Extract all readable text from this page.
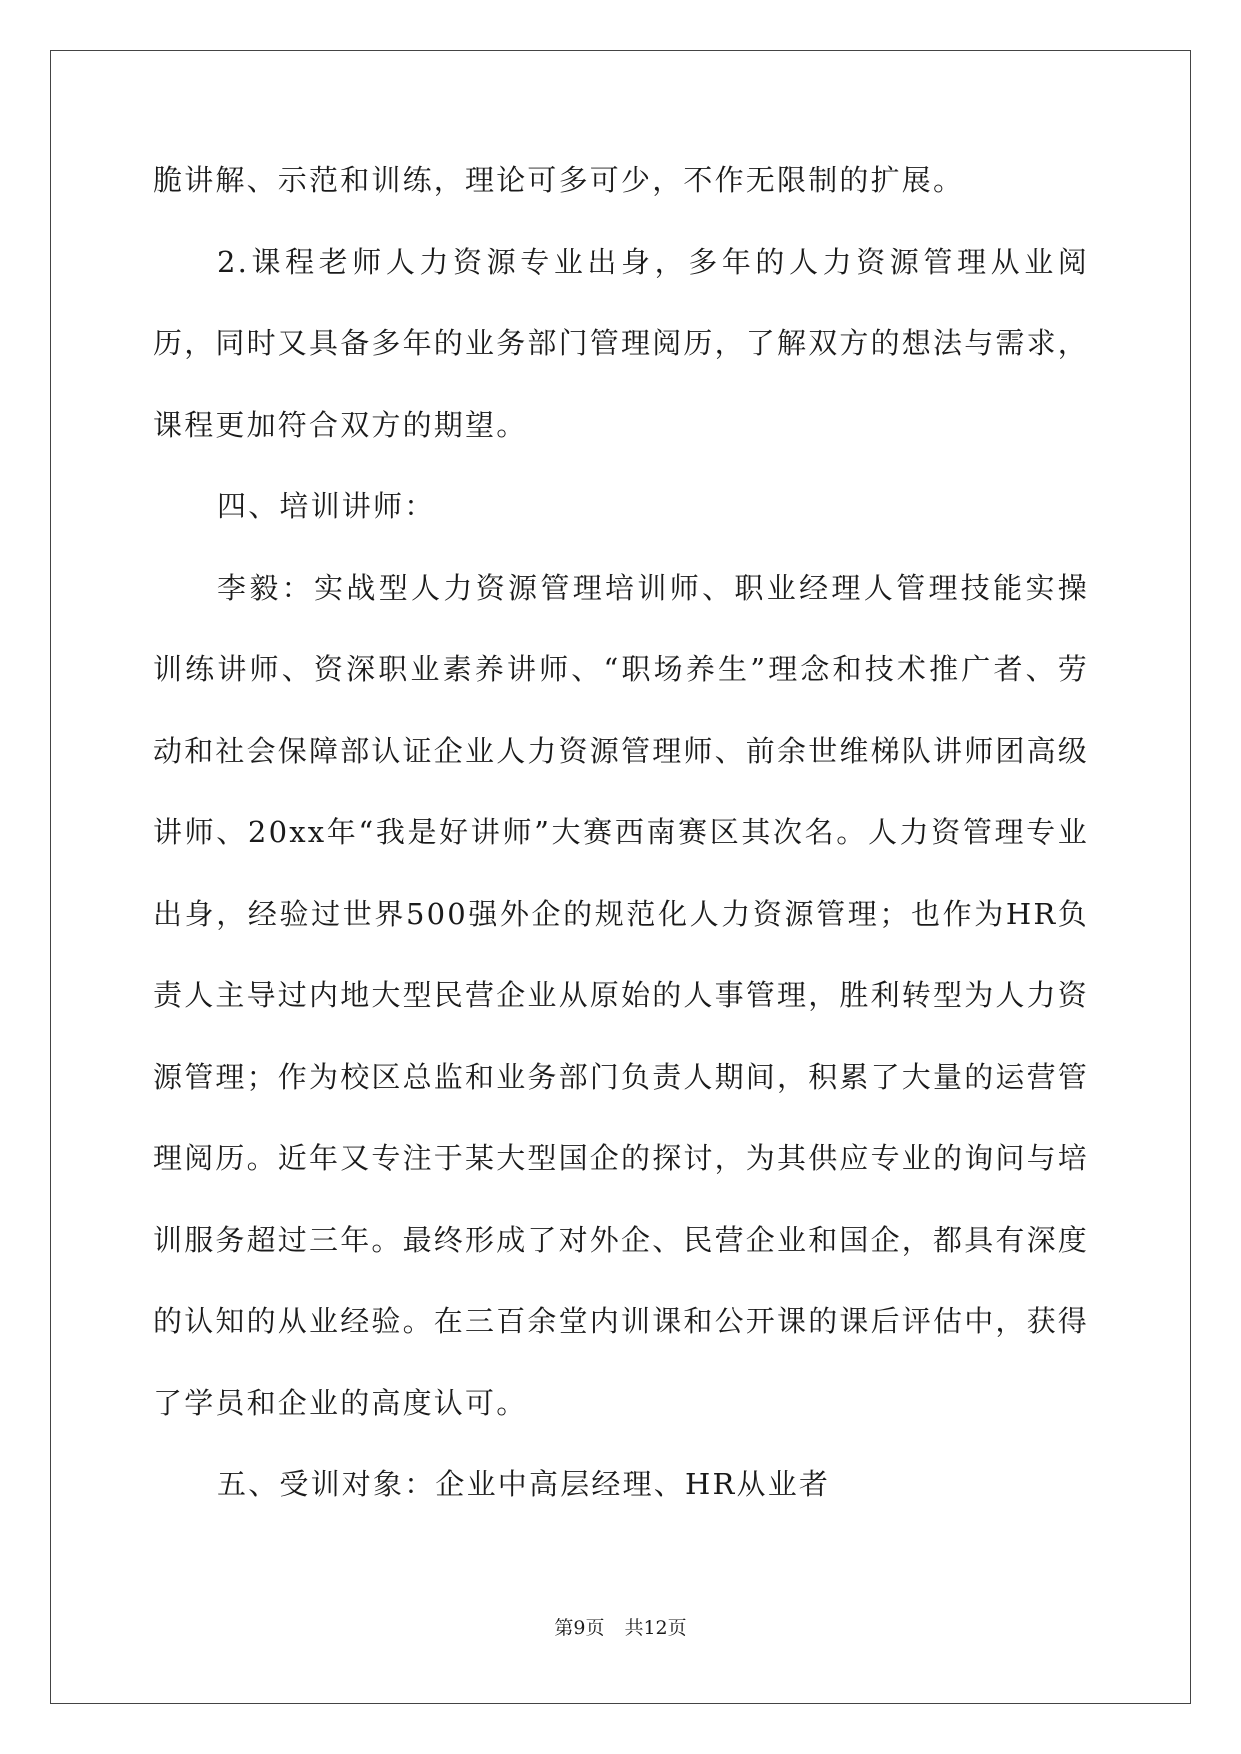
脆讲解、示范和训练，理论可多可少，不作无限制的扩展。

2.课程老师人力资源专业出身，多年的人力资源管理从业阅历，同时又具备多年的业务部门管理阅历，了解双方的想法与需求，课程更加符合双方的期望。

四、培训讲师：

李毅：实战型人力资源管理培训师、职业经理人管理技能实操训练讲师、资深职业素养讲师、“职场养生”理念和技术推广者、劳动和社会保障部认证企业人力资源管理师、前余世维梯队讲师团高级讲师、20xx年“我是好讲师”大赛西南赛区其次名。人力资管理专业出身，经验过世界500强外企的规范化人力资源管理；也作为HR负责人主导过内地大型民营企业从原始的人事管理，胜利转型为人力资源管理；作为校区总监和业务部门负责人期间，积累了大量的运营管理阅历。近年又专注于某大型国企的探讨，为其供应专业的询问与培训服务超过三年。最终形成了对外企、民营企业和国企，都具有深度的认知的从业经验。在三百余堂内训课和公开课的课后评估中，获得了学员和企业的高度认可。

五、受训对象：企业中高层经理、HR从业者

第9页 共12页
